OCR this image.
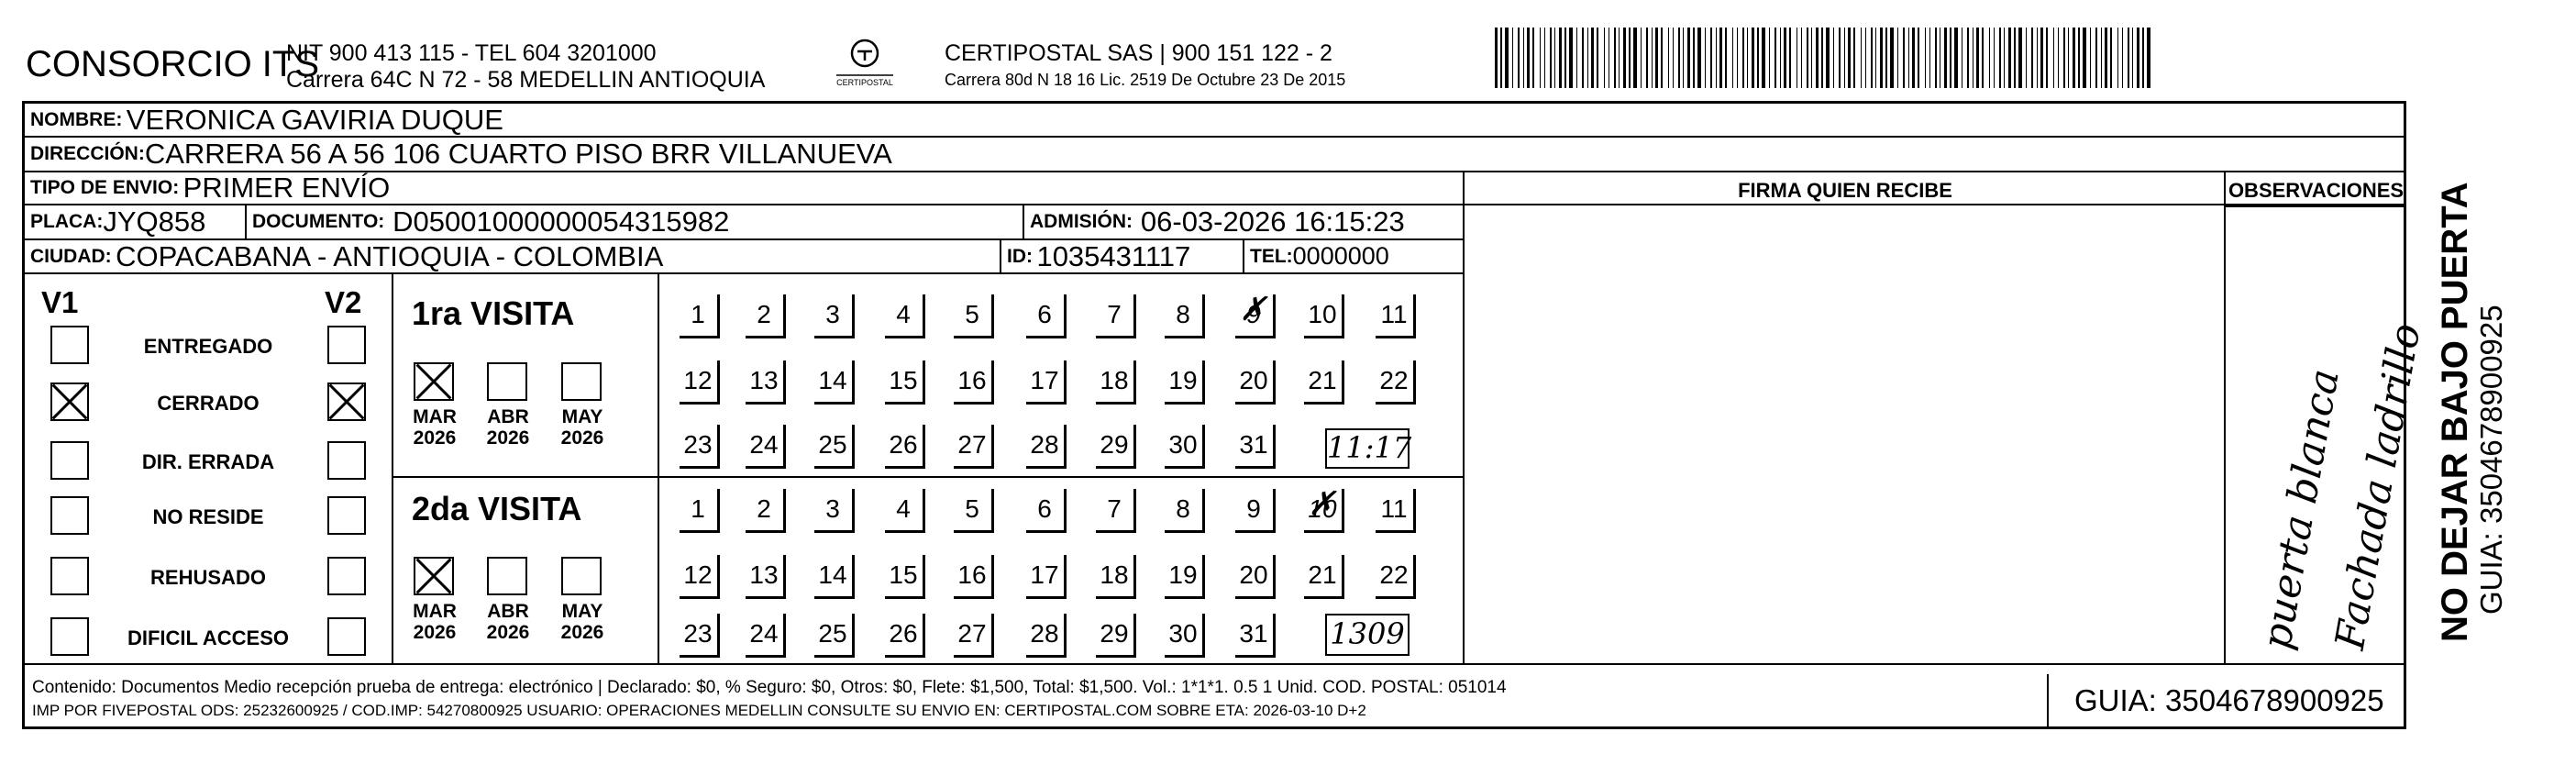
CONSORCIO ITS
NIT 900 413 115 - TEL 604 3201000
Carrera 64C N 72 - 58 MEDELLIN ANTIOQUIA	CERTIPOSTAL
CERTIPOSTAL SAS | 900 151 122 - 2
Carrera 80d N 18 16 Lic. 2519 De Octubre 23 De 2015
NOMBRE:
VERONICA GAVIRIA DUQUE
DIRECCIÓN: CARRERA 56 A 56 106 CUARTO PISO BRR VILLANUEVA
TIPO DE ENVIO:
PRIMER ENVÍO	FIRMA QUIEN RECIBE	OBSERVACIONES
PLACA: JYQ858 DOCUMENTO:
D05001000000054315982	ADMISIÓN:
06-03-2026 16:15:23
CIUDAD:
COPACABANA - ANTIOQUIA - COLOMBIA	ID:
1035431117	TEL: 0000000
V1	V2
ENTREGADO
CERRADO
DIR. ERRADA
NO RESIDE
REHUSADO
DIFICIL ACCESO
1ra VISITA
2da VISITA
MAR
2026
ABR
2026
MAY
2026
MAR
2026
ABR
2026
MAY
2026
1	2	3	4	5	6	7	8	✗ 9	10 11
12 13 14 15 16 17 18 19 20 21 22
23 24 25 26 27 28 29 30 31
1	2	3	4	5	6	7	8	9	✗ 10 11
12 13 14 15 16 17 18 19 20 21 22
23 24 25 26 27 28 29 30 31
11:17
1309	puerta blanca
Fachada ladrillo
Contenido: Documentos Medio recepción prueba de entrega: electrónico | Declarado: $0, % Seguro: $0, Otros: $0, Flete: $1,500, Total: $1,500. Vol.: 1*1*1. 0.5 1 Unid. COD. POSTAL: 051014
IMP POR FIVEPOSTAL ODS: 25232600925 / COD.IMP: 54270800925 USUARIO: OPERACIONES MEDELLIN CONSULTE SU ENVIO EN: CERTIPOSTAL.COM SOBRE ETA: 2026-03-10 D+2	GUIA: 3504678900925
NO DEJAR BAJO PUERTA GUIA: 3504678900925
